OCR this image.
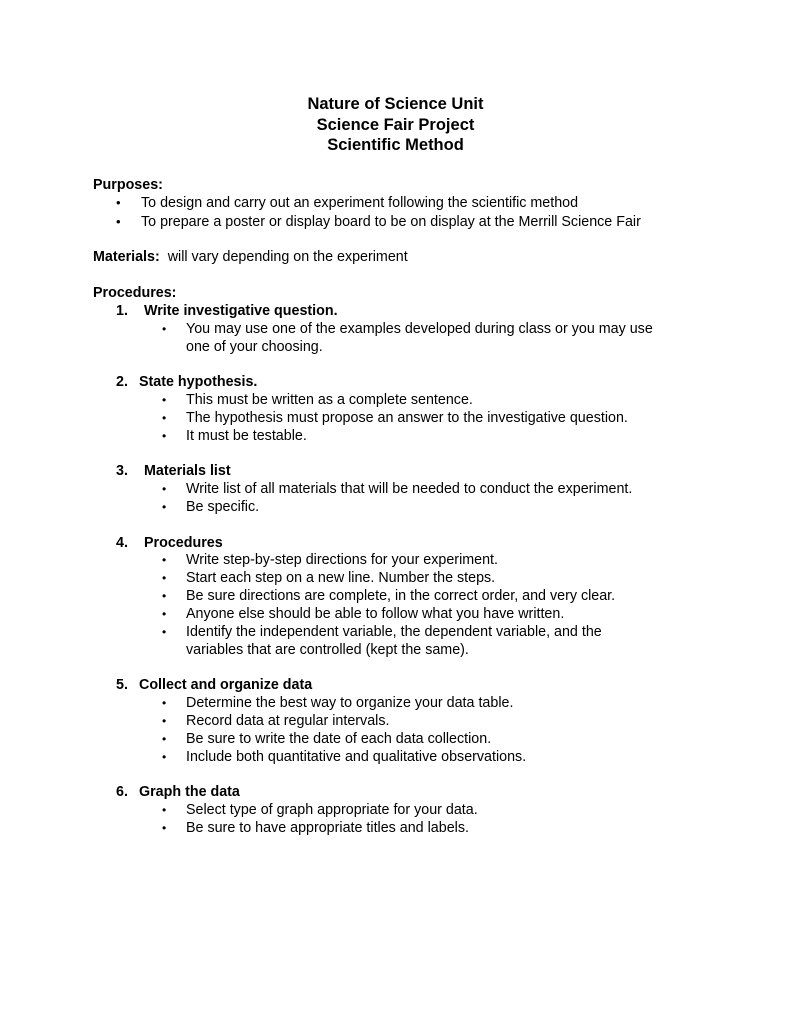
Nature of Science Unit
Science Fair Project
Scientific Method
Purposes:
• To design and carry out an experiment following the scientific method
• To prepare a poster or display board to be on display at the Merrill Science Fair
Materials: will vary depending on the experiment
Procedures:
1. Write investigative question.
• You may use one of the examples developed during class or you may use
one of your choosing.
2. State hypothesis.
• This must be written as a complete sentence.
• The hypothesis must propose an answer to the investigative question.
• It must be testable.
3. Materials list
• Write list of all materials that will be needed to conduct the experiment.
• Be specific.
4. Procedures
• Write step-by-step directions for your experiment.
• Start each step on a new line. Number the steps.
• Be sure directions are complete, in the correct order, and very clear.
• Anyone else should be able to follow what you have written.
• Identify the independent variable, the dependent variable, and the
variables that are controlled (kept the same).
5. Collect and organize data
• Determine the best way to organize your data table.
• Record data at regular intervals.
• Be sure to write the date of each data collection.
• Include both quantitative and qualitative observations.
6. Graph the data
• Select type of graph appropriate for your data.
• Be sure to have appropriate titles and labels.
